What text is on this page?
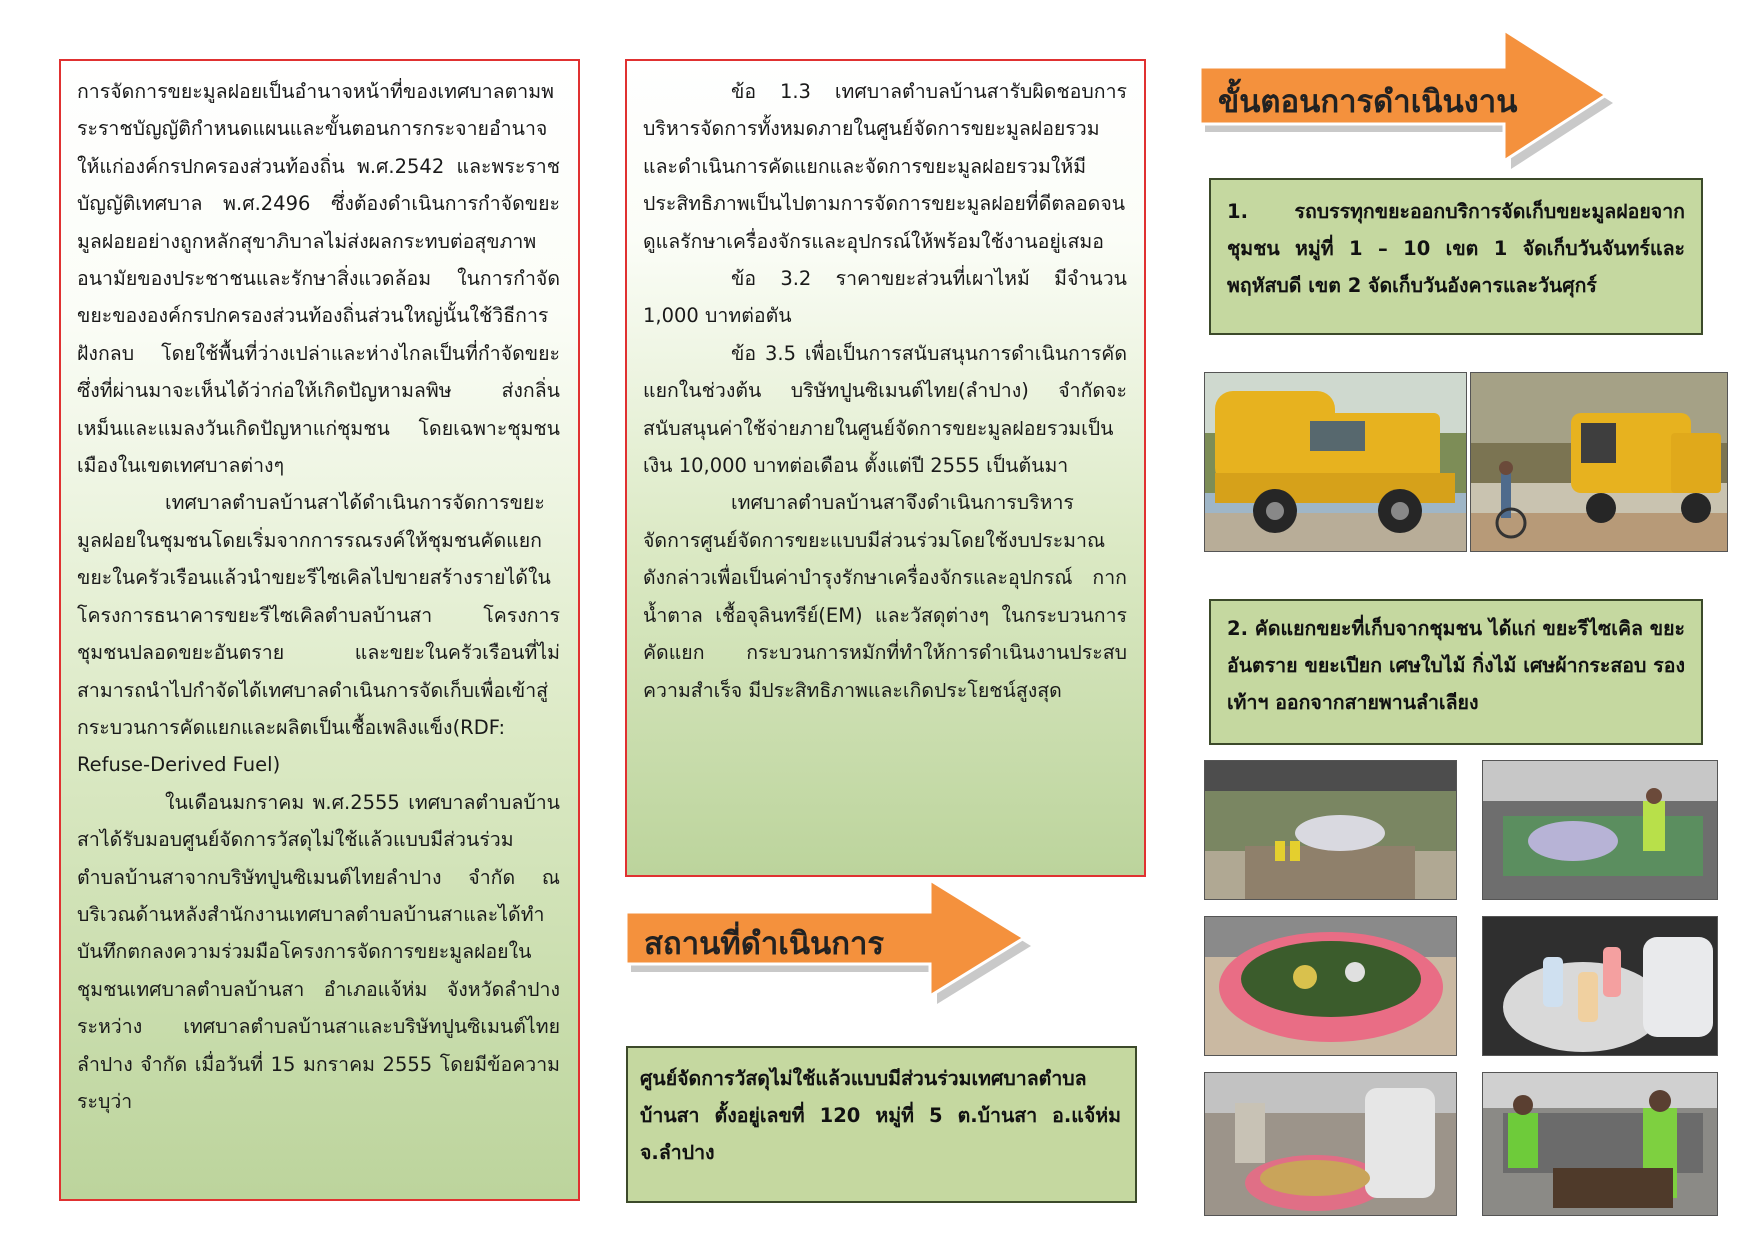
การจัดการขยะมูลฝอยเป็นอำนาจหน้าที่ของเทศบาลตามพระราชบัญญัติกำหนดแผนและขั้นตอนการกระจายอำนาจให้แก่องค์กรปกครองส่วนท้องถิ่น พ.ศ.2542 และพระราชบัญญัติเทศบาล พ.ศ.2496 ซึ่งต้องดำเนินการกำจัดขยะมูลฝอยอย่างถูกหลักสุขาภิบาลไม่ส่งผลกระทบต่อสุขภาพอนามัยของประชาชนและรักษาสิ่งแวดล้อม ในการกำจัดขยะขององค์กรปกครองส่วนท้องถิ่นส่วนใหญ่นั้นใช้วิธีการฝังกลบ โดยใช้พื้นที่ว่างเปล่าและห่างไกลเป็นที่กำจัดขยะ ซึ่งที่ผ่านมาจะเห็นได้ว่าก่อให้เกิดปัญหามลพิษ ส่งกลิ่นเหม็นและแมลงวันเกิดปัญหาแก่ชุมชน โดยเฉพาะชุมชนเมืองในเขตเทศบาลต่างๆ

เทศบาลตำบลบ้านสาได้ดำเนินการจัดการขยะมูลฝอยในชุมชนโดยเริ่มจากการรณรงค์ให้ชุมชนคัดแยกขยะในครัวเรือนแล้วนำขยะรีไซเคิลไปขายสร้างรายได้ในโครงการธนาคารขยะรีไซเคิลตำบลบ้านสา โครงการชุมชนปลอดขยะอันตราย และขยะในครัวเรือนที่ไม่สามารถนำไปกำจัดได้เทศบาลดำเนินการจัดเก็บเพื่อเข้าสู่กระบวนการคัดแยกและผลิตเป็นเชื้อเพลิงแข็ง(RDF: Refuse-Derived Fuel)

ในเดือนมกราคม พ.ศ.2555 เทศบาลตำบลบ้านสาได้รับมอบศูนย์จัดการวัสดุไม่ใช้แล้วแบบมีส่วนร่วมตำบลบ้านสาจากบริษัทปูนซิเมนต์ไทยลำปาง จำกัด ณ บริเวณด้านหลังสำนักงานเทศบาลตำบลบ้านสาและได้ทำบันทึกตกลงความร่วมมือโครงการจัดการขยะมูลฝอยในชุมชนเทศบาลตำบลบ้านสา อำเภอแจ้ห่ม จังหวัดลำปาง ระหว่าง เทศบาลตำบลบ้านสาและบริษัทปูนซิเมนต์ไทยลำปาง จำกัด เมื่อวันที่ 15 มกราคม 2555 โดยมีข้อความระบุว่า

ข้อ 1.3 เทศบาลตำบลบ้านสารับผิดชอบการบริหารจัดการทั้งหมดภายในศูนย์จัดการขยะมูลฝอยรวมและดำเนินการคัดแยกและจัดการขยะมูลฝอยรวมให้มีประสิทธิภาพเป็นไปตามการจัดการขยะมูลฝอยที่ดีตลอดจนดูแลรักษาเครื่องจักรและอุปกรณ์ให้พร้อมใช้งานอยู่เสมอ

ข้อ 3.2 ราคาขยะส่วนที่เผาไหม้ มีจำนวน 1,000 บาทต่อตัน

ข้อ 3.5 เพื่อเป็นการสนับสนุนการดำเนินการคัดแยกในช่วงต้น บริษัทปูนซิเมนต์ไทย(ลำปาง) จำกัดจะสนับสนุนค่าใช้จ่ายภายในศูนย์จัดการขยะมูลฝอยรวมเป็นเงิน 10,000 บาทต่อเดือน ตั้งแต่ปี 2555 เป็นต้นมา

เทศบาลตำบลบ้านสาจึงดำเนินการบริหารจัดการศูนย์จัดการขยะแบบมีส่วนร่วมโดยใช้งบประมาณดังกล่าวเพื่อเป็นค่าบำรุงรักษาเครื่องจักรและอุปกรณ์ กากน้ำตาล เชื้อจุลินทรีย์(EM) และวัสดุต่างๆ ในกระบวนการคัดแยก กระบวนการหมักที่ทำให้การดำเนินงานประสบความสำเร็จ มีประสิทธิภาพและเกิดประโยชน์สูงสุด

สถานที่ดำเนินการ

ศูนย์จัดการวัสดุไม่ใช้แล้วแบบมีส่วนร่วมเทศบาลตำบลบ้านสา ตั้งอยู่เลขที่ 120 หมู่ที่ 5 ต.บ้านสา อ.แจ้ห่ม จ.ลำปาง

ขั้นตอนการดำเนินงาน

1. รถบรรทุกขยะออกบริการจัดเก็บขยะมูลฝอยจากชุมชน หมู่ที่ 1 – 10 เขต 1 จัดเก็บวันจันทร์และพฤหัสบดี เขต 2 จัดเก็บวันอังคารและวันศุกร์

2. คัดแยกขยะที่เก็บจากชุมชน ได้แก่ ขยะรีไซเคิล ขยะอันตราย ขยะเปียก เศษใบไม้ กิ่งไม้ เศษผ้ากระสอบ รองเท้าฯ ออกจากสายพานลำเลียง
